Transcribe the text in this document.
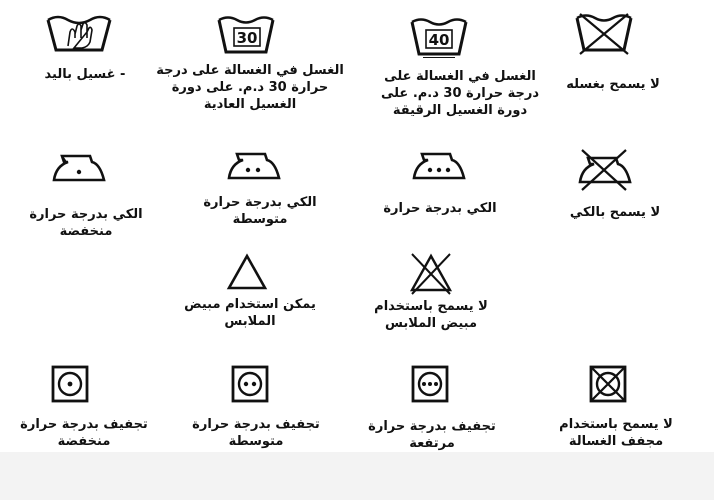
- غسيل باليد
30
الغسل في الغسالة على درجة
حرارة 30 د.م. على دورة
الغسيل العادية
40
الغسل في الغسالة على
درجة حرارة 30 د.م. على
دورة الغسيل الرقيقة
لا يسمح بغسله
الكي بدرجة حرارة
منخفضة
الكي بدرجة حرارة
متوسطة
الكي بدرجة حرارة	لا يسمح بالكي
يمكن استخدام مبيض
الملابس
لا يسمح باستخدام
مبيض الملابس
تجفيف بدرجة حرارة
منخفضة
تجفيف بدرجة حرارة
متوسطة
تجفيف بدرجة حرارة
مرتفعة
لا يسمح باستخدام
مجفف الغسالة
